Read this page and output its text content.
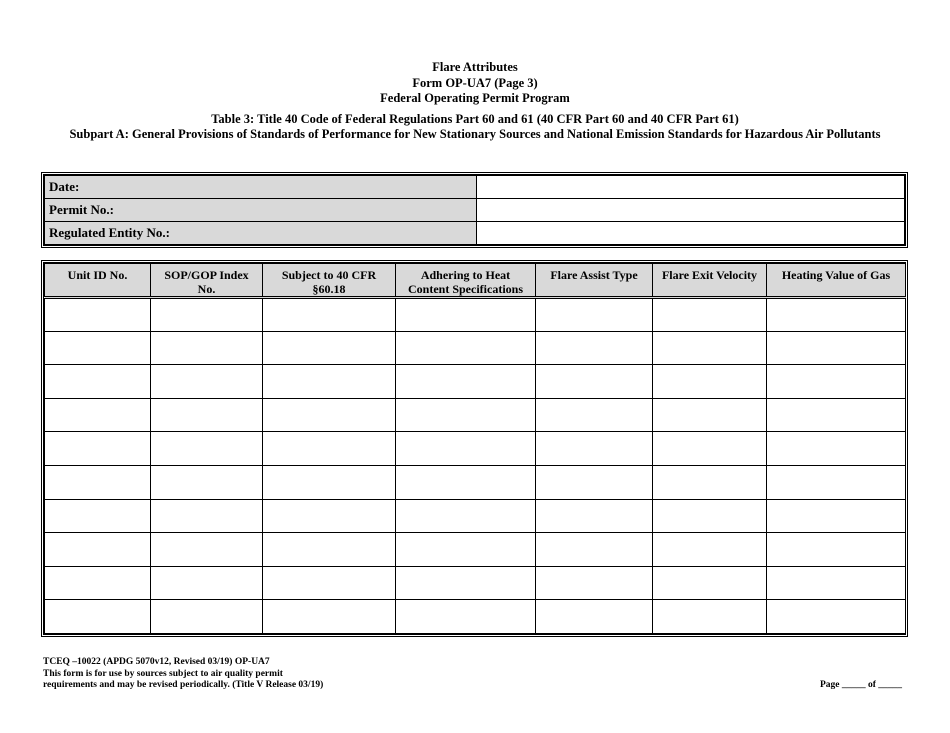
Flare Attributes
Form OP-UA7 (Page 3)
Federal Operating Permit Program
Table 3: Title 40 Code of Federal Regulations Part 60 and 61 (40 CFR Part 60 and 40 CFR Part 61)
Subpart A: General Provisions of Standards of Performance for New Stationary Sources and National Emission Standards for Hazardous Air Pollutants
Date:	
Permit No.:	
Regulated Entity No.:	
Unit ID No.	SOP/GOP Index No.	Subject to 40 CFR §60.18	Adhering to Heat Content Specifications	Flare Assist Type	Flare Exit Velocity	Heating Value of Gas

TCEQ –10022 (APDG 5070v12, Revised 03/19) OP-UA7
This form is for use by sources subject to air quality permit
requirements and may be revised periodically. (Title V Release 03/19)	Page _____ of _____
